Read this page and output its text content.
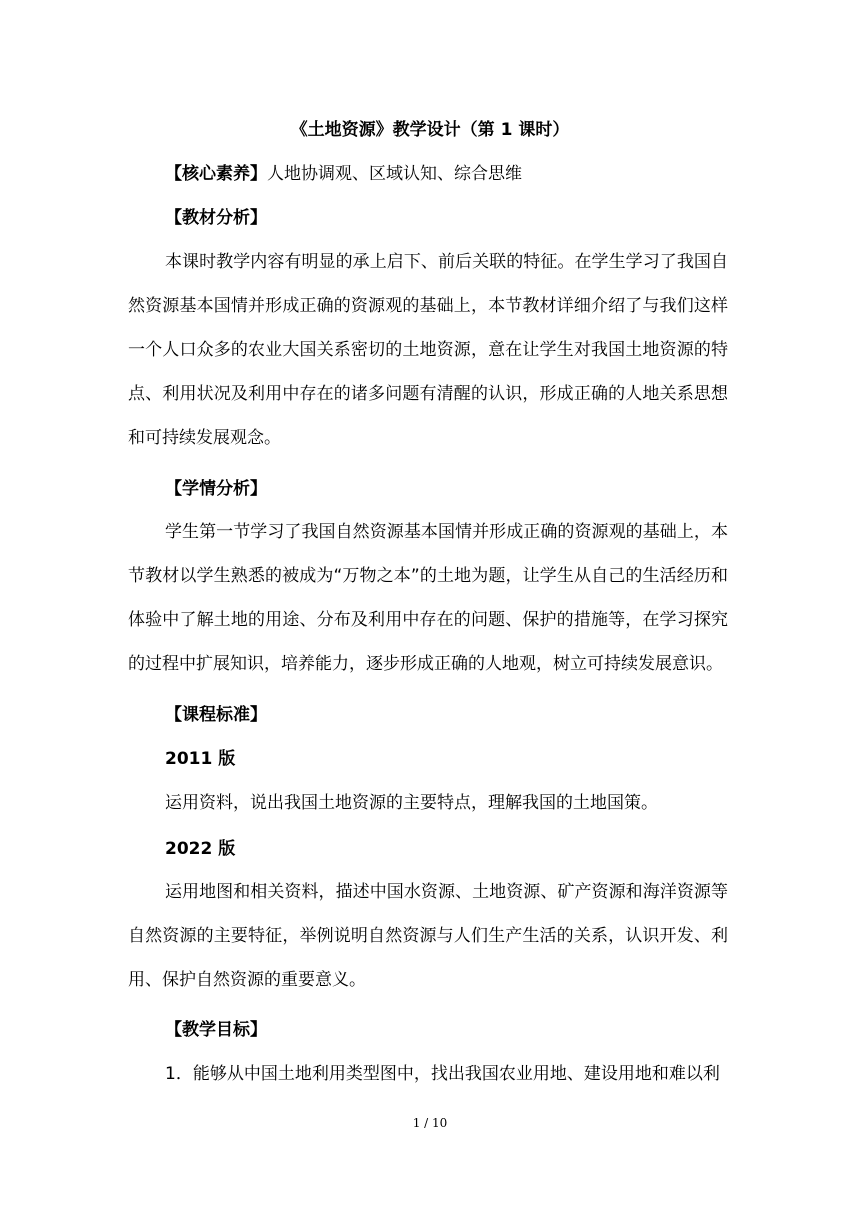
《土地资源》教学设计（第 1 课时）
【核心素养】人地协调观、区域认知、综合思维
【教材分析】

本课时教学内容有明显的承上启下、前后关联的特征。在学生学习了我国自然资源基本国情并形成正确的资源观的基础上，本节教材详细介绍了与我们这样一个人口众多的农业大国关系密切的土地资源，意在让学生对我国土地资源的特点、利用状况及利用中存在的诸多问题有清醒的认识，形成正确的人地关系思想和可持续发展观念。

【学情分析】

学生第一节学习了我国自然资源基本国情并形成正确的资源观的基础上，本节教材以学生熟悉的被成为“万物之本”的土地为题，让学生从自己的生活经历和体验中了解土地的用途、分布及利用中存在的问题、保护的措施等，在学习探究的过程中扩展知识，培养能力，逐步形成正确的人地观，树立可持续发展意识。

【课程标准】
2011 版

运用资料，说出我国土地资源的主要特点，理解我国的土地国策。

2022 版

运用地图和相关资料，描述中国水资源、土地资源、矿产资源和海洋资源等自然资源的主要特征，举例说明自然资源与人们生产生活的关系，认识开发、利用、保护自然资源的重要意义。

【教学目标】

1．能够从中国土地利用类型图中，找出我国农业用地、建设用地和难以利

1 / 10
